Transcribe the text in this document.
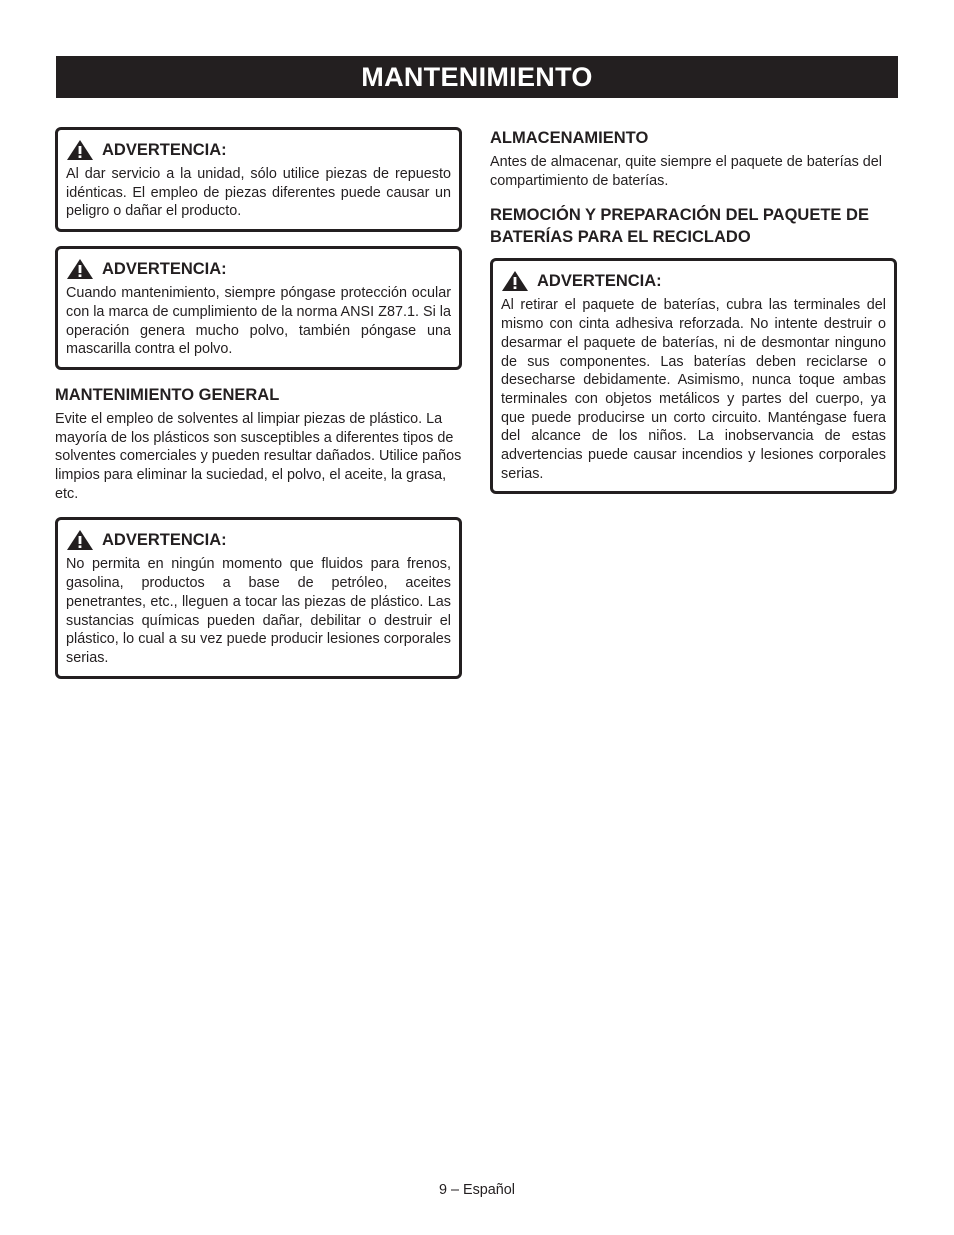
MANTENIMIENTO
ADVERTENCIA:

Al dar servicio a la unidad, sólo utilice piezas de repuesto idénticas. El empleo de piezas diferentes puede causar un peligro o dañar el producto.

ADVERTENCIA:

Cuando mantenimiento, siempre póngase protección ocular con la marca de cumplimiento de la norma ANSI Z87.1. Si la operación genera mucho polvo, también póngase una mascarilla contra el polvo.

MANTENIMIENTO GENERAL

Evite el empleo de solventes al limpiar piezas de plástico. La mayoría de los plásticos son susceptibles a diferentes tipos de solventes comerciales y pueden resultar dañados. Utilice paños limpios para eliminar la suciedad, el polvo, el aceite, la grasa, etc.

ADVERTENCIA:

No permita en ningún momento que fluidos para frenos, gasolina, productos a base de petróleo, aceites penetrantes, etc., lleguen a tocar las piezas de plástico. Las sustancias químicas pueden dañar, debilitar o destruir el plástico, lo cual a su vez puede producir lesiones corporales serias.

ALMACENAMIENTO

Antes de almacenar, quite siempre el paquete de baterías del compartimiento de baterías.

REMOCIÓN Y PREPARACIÓN DEL PAQUETE DE BATERÍAS PARA EL RECICLADO
ADVERTENCIA:

Al retirar el paquete de baterías, cubra las terminales del mismo con cinta adhesiva reforzada. No intente destruir o desarmar el paquete de baterías, ni de desmontar ninguno de sus componentes. Las baterías deben reciclarse o desecharse debidamente. Asimismo, nunca toque ambas terminales con objetos metálicos y partes del cuerpo, ya que puede producirse un corto circuito. Manténgase fuera del alcance de los niños. La inobservancia de estas advertencias puede causar incendios y lesiones corporales serias.

9 – Español
